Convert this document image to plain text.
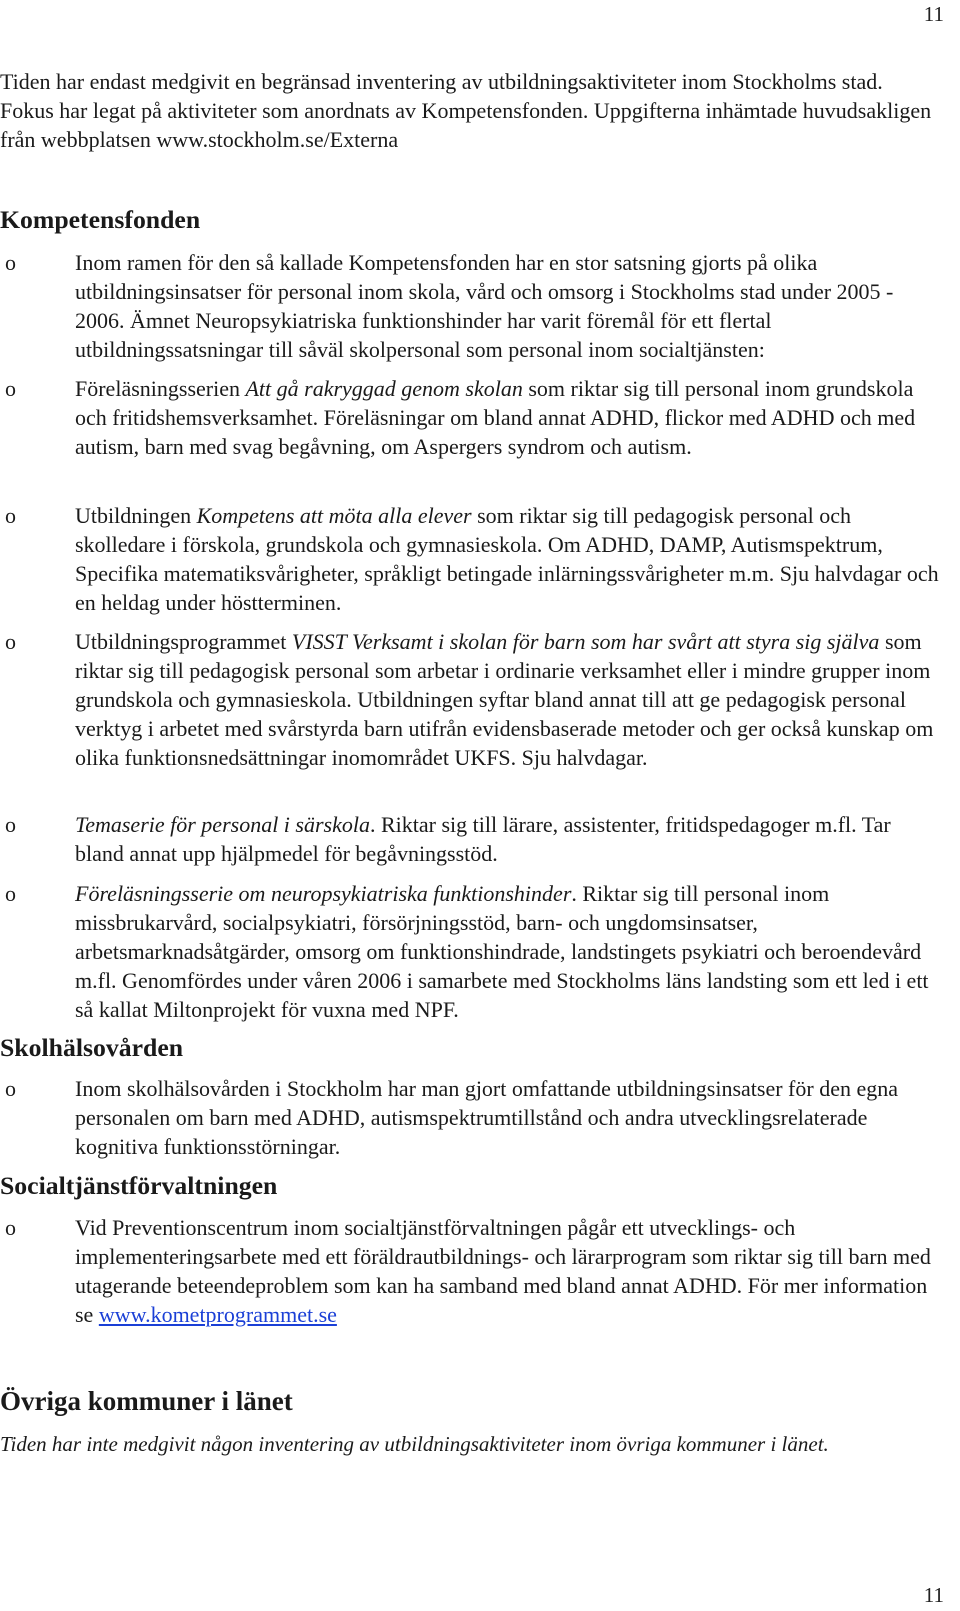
11

Tiden har endast medgivit en begränsad inventering av utbildningsaktiviteter inom Stockholms stad. Fokus har legat på aktiviteter som anordnats av Kompetensfonden. Uppgifterna inhämtade huvudsakligen från webbplatsen www.stockholm.se/Externa

Kompetensfonden
o	Inom ramen för den så kallade Kompetensfonden har en stor satsning gjorts på olika utbildningsinsatser för personal inom skola, vård och omsorg i Stockholms stad under 2005 - 2006. Ämnet Neuropsykiatriska funktionshinder har varit föremål för ett flertal utbildningssatsningar till såväl skolpersonal som personal inom socialtjänsten:
o	Föreläsningsserien Att gå rakryggad genom skolan som riktar sig till personal inom grundskola och fritidshemsverksamhet. Föreläsningar om bland annat ADHD, flickor med ADHD och med autism, barn med svag begåvning, om Aspergers syndrom och autism.
o	Utbildningen Kompetens att möta alla elever som riktar sig till pedagogisk personal och skolledare i förskola, grundskola och gymnasieskola. Om ADHD, DAMP, Autismspektrum, Specifika matematiksvårigheter, språkligt betingade inlärningssvårigheter m.m. Sju halvdagar och en heldag under höstterminen.
o	Utbildningsprogrammet VISST Verksamt i skolan för barn som har svårt att styra sig själva som riktar sig till pedagogisk personal som arbetar i ordinarie verksamhet eller i mindre grupper inom grundskola och gymnasieskola. Utbildningen syftar bland annat till att ge pedagogisk personal verktyg i arbetet med svårstyrda barn utifrån evidensbaserade metoder och ger också kunskap om olika funktionsnedsättningar inomområdet UKFS. Sju halvdagar.
o	Temaserie för personal i särskola. Riktar sig till lärare, assistenter, fritidspedagoger m.fl. Tar bland annat upp hjälpmedel för begåvningsstöd.
o	Föreläsningsserie om neuropsykiatriska funktionshinder. Riktar sig till personal inom missbrukarvård, socialpsykiatri, försörjningsstöd, barn- och ungdomsinsatser, arbetsmarknadsåtgärder, omsorg om funktionshindrade, landstingets psykiatri och beroendevård m.fl. Genomfördes under våren 2006 i samarbete med Stockholms läns landsting som ett led i ett så kallat Miltonprojekt för vuxna med NPF.
Skolhälsovården
o	Inom skolhälsovården i Stockholm har man gjort omfattande utbildningsinsatser för den egna personalen om barn med ADHD, autismspektrumtillstånd och andra utvecklingsrelaterade kognitiva funktionsstörningar.
Socialtjänstförvaltningen
o	Vid Preventionscentrum inom socialtjänstförvaltningen pågår ett utvecklings- och implementeringsarbete med ett föräldrautbildnings- och lärarprogram som riktar sig till barn med utagerande beteendeproblem som kan ha samband med bland annat ADHD. För mer information se www.kometprogrammet.se
Övriga kommuner i länet

Tiden har inte medgivit någon inventering av utbildningsaktiviteter inom övriga kommuner i länet.

11
